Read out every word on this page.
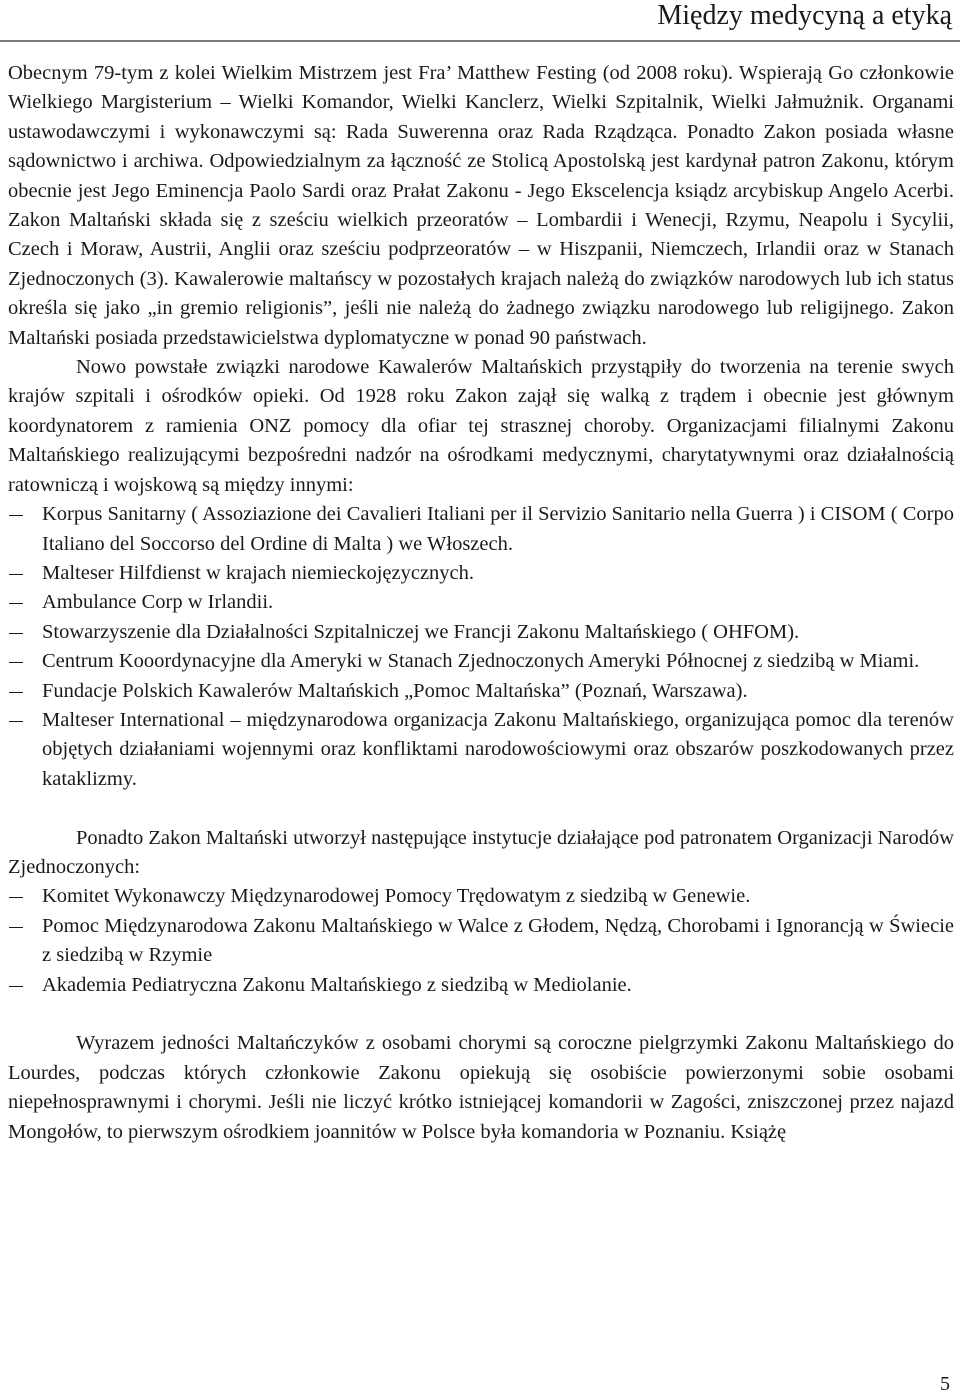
Między medycyną a etyką

Obecnym 79-tym z kolei Wielkim Mistrzem jest Fra’ Matthew Festing (od 2008 roku). Wspierają Go członkowie Wielkiego Margisterium – Wielki Komandor, Wielki Kanclerz, Wielki Szpitalnik, Wielki Jałmużnik. Organami ustawodawczymi i wykonawczymi są: Rada Suwerenna oraz Rada Rządząca. Ponadto Zakon posiada własne sądownictwo i archiwa. Odpowiedzialnym za łączność ze Stolicą Apostolską jest kardynał patron Zakonu, którym obecnie jest Jego Eminencja Paolo Sardi oraz Prałat Zakonu - Jego Ekscelencja ksiądz arcybiskup Angelo Acerbi. Zakon Maltański składa się z sześciu wielkich przeoratów – Lombardii i Wenecji, Rzymu, Neapolu i Sycylii, Czech i Moraw, Austrii, Anglii oraz sześciu podprzeoratów – w Hiszpanii, Niemczech, Irlandii oraz w Stanach Zjednoczonych (3). Kawalerowie maltańscy w pozostałych krajach należą do związków narodowych lub ich status określa się jako „in gremio religionis”, jeśli nie należą do żadnego związku narodowego lub religijnego. Zakon Maltański posiada przedstawicielstwa dyplomatyczne w ponad 90 państwach.

Nowo powstałe związki narodowe Kawalerów Maltańskich przystąpiły do tworzenia na terenie swych krajów szpitali i ośrodków opieki. Od 1928 roku Zakon zajął się walką z trądem i obecnie jest głównym koordynatorem z ramienia ONZ pomocy dla ofiar tej strasznej choroby. Organizacjami filialnymi Zakonu Maltańskiego realizującymi bezpośredni nadzór na ośrodkami medycznymi, charytatywnymi oraz działalnością ratowniczą i wojskową są między innymi:

Korpus Sanitarny ( Assoziazione dei Cavalieri Italiani per il Servizio Sanitario nella Guerra ) i CISOM ( Corpo Italiano del Soccorso del Ordine di Malta ) we Włoszech.
Malteser Hilfdienst w krajach niemieckojęzycznych.
Ambulance Corp w Irlandii.
Stowarzyszenie dla Działalności Szpitalniczej we Francji Zakonu Maltańskiego ( OHFOM).
Centrum Kooordynacyjne dla Ameryki w Stanach Zjednoczonych Ameryki Północnej z siedzibą w Miami.
Fundacje Polskich Kawalerów Maltańskich „Pomoc Maltańska” (Poznań, Warszawa).
Malteser International – międzynarodowa organizacja Zakonu Maltańskiego, organizująca pomoc dla terenów objętych działaniami wojennymi oraz konfliktami narodowościowymi oraz obszarów poszkodowanych przez kataklizmy.

Ponadto Zakon Maltański utworzył następujące instytucje działające pod patronatem Organizacji Narodów Zjednoczonych:

Komitet Wykonawczy Międzynarodowej Pomocy Trędowatym z siedzibą w Genewie.
Pomoc Międzynarodowa Zakonu Maltańskiego w Walce z Głodem, Nędzą, Chorobami i Ignorancją w Świecie z siedzibą w Rzymie
Akademia Pediatryczna Zakonu Maltańskiego z siedzibą w Mediolanie.

Wyrazem jedności Maltańczyków z osobami chorymi są coroczne pielgrzymki Zakonu Maltańskiego do Lourdes, podczas których członkowie Zakonu opiekują się osobiście powierzonymi sobie osobami niepełnosprawnymi i chorymi. Jeśli nie liczyć krótko istniejącej komandorii w Zagości, zniszczonej przez najazd Mongołów, to pierwszym ośrodkiem joannitów w Polsce była komandoria w Poznaniu. Książę

5
